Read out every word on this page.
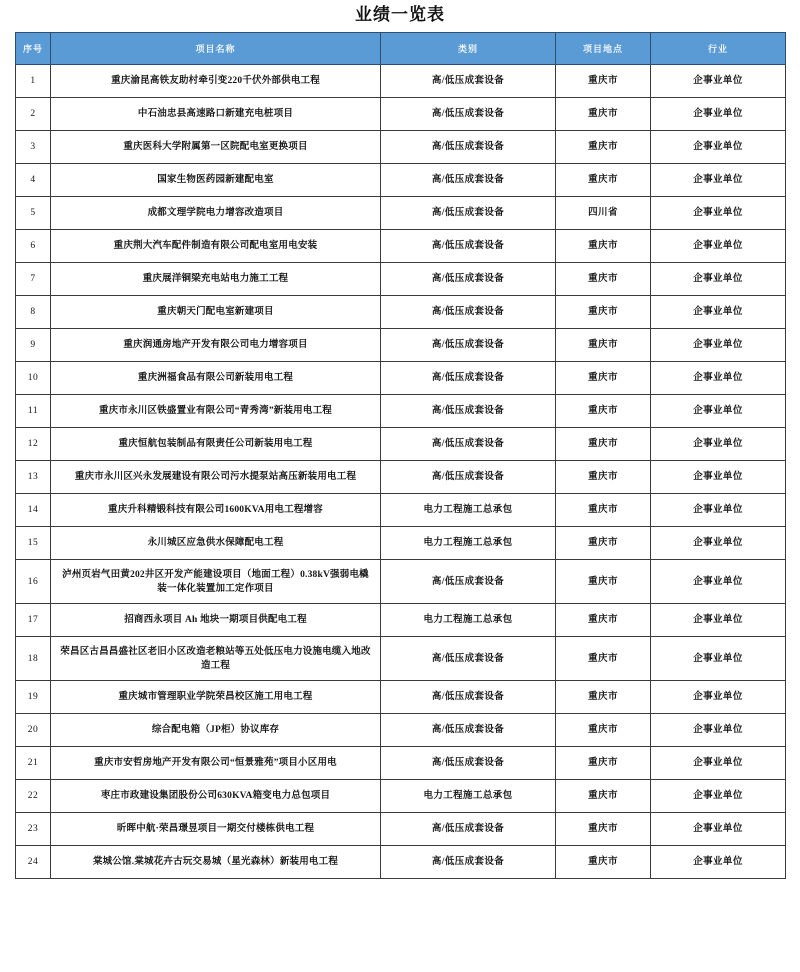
业绩一览表
序号	项目名称	类别	项目地点	行业
1	重庆渝昆高铁友助村牵引变220千伏外部供电工程	高/低压成套设备	重庆市	企事业单位
2	中石油忠县高速路口新建充电桩项目	高/低压成套设备	重庆市	企事业单位
3	重庆医科大学附属第一区院配电室更换项目	高/低压成套设备	重庆市	企事业单位
4	国家生物医药园新建配电室	高/低压成套设备	重庆市	企事业单位
5	成都文理学院电力增容改造项目	高/低压成套设备	四川省	企事业单位
6	重庆荆大汽车配件制造有限公司配电室用电安装	高/低压成套设备	重庆市	企事业单位
7	重庆展洋铜梁充电站电力施工工程	高/低压成套设备	重庆市	企事业单位
8	重庆朝天门配电室新建项目	高/低压成套设备	重庆市	企事业单位
9	重庆润通房地产开发有限公司电力增容项目	高/低压成套设备	重庆市	企事业单位
10	重庆洲福食品有限公司新装用电工程	高/低压成套设备	重庆市	企事业单位
11	重庆市永川区铁盛置业有限公司“青秀湾”新装用电工程	高/低压成套设备	重庆市	企事业单位
12	重庆恒航包装制品有限责任公司新装用电工程	高/低压成套设备	重庆市	企事业单位
13	重庆市永川区兴永发展建设有限公司污水提泵站高压新装用电工程	高/低压成套设备	重庆市	企事业单位
14	重庆升科精锻科技有限公司1600KVA用电工程增容	电力工程施工总承包	重庆市	企事业单位
15	永川城区应急供水保障配电工程	电力工程施工总承包	重庆市	企事业单位
16	泸州页岩气田黄202井区开发产能建设项目（地面工程）0.38kV强弱电橇装一体化装置加工定作项目	高/低压成套设备	重庆市	企事业单位
17	招商西永项目 Ah 地块一期项目供配电工程	电力工程施工总承包	重庆市	企事业单位
18	荣昌区古昌昌盛社区老旧小区改造老粮站等五处低压电力设施电缆入地改造工程	高/低压成套设备	重庆市	企事业单位
19	重庆城市管理职业学院荣昌校区施工用电工程	高/低压成套设备	重庆市	企事业单位
20	综合配电箱（JP柜）协议库存	高/低压成套设备	重庆市	企事业单位
21	重庆市安哲房地产开发有限公司“恒景雅苑”项目小区用电	高/低压成套设备	重庆市	企事业单位
22	枣庄市政建设集团股份公司630KVA箱变电力总包项目	电力工程施工总承包	重庆市	企事业单位
23	昕晖中航·荣昌璟昱项目一期交付楼栋供电工程	高/低压成套设备	重庆市	企事业单位
24	棠城公馆.棠城花卉古玩交易城（星光森林）新装用电工程	高/低压成套设备	重庆市	企事业单位
